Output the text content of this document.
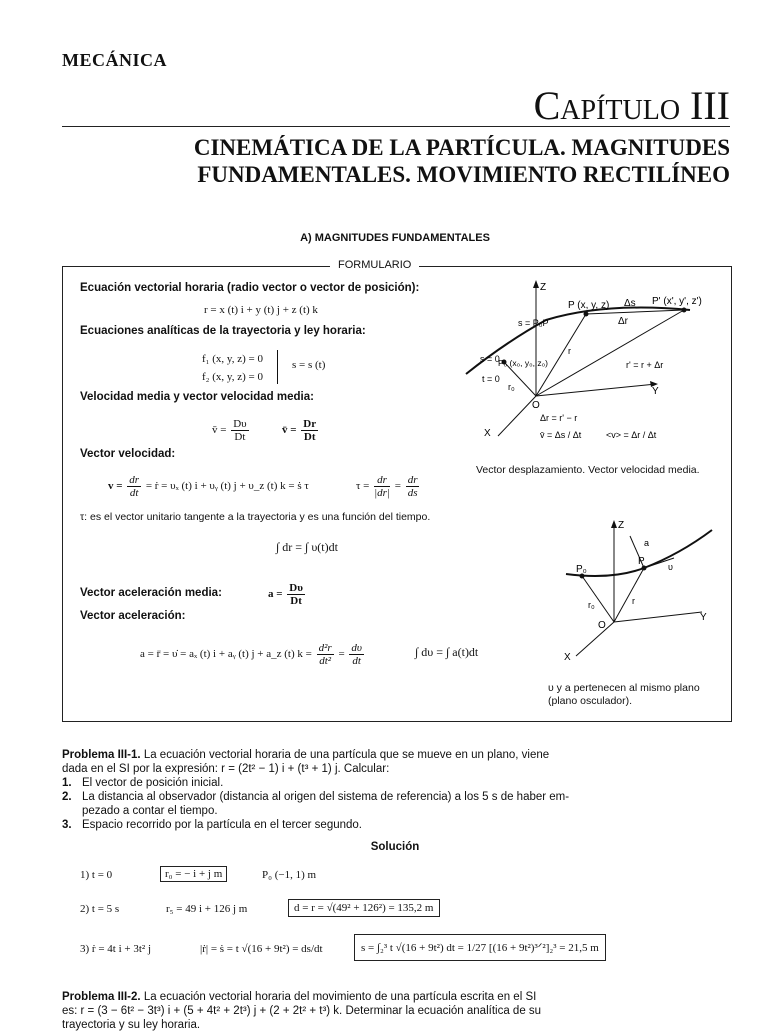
MECÁNICA
Capítulo III
CINEMÁTICA DE LA PARTÍCULA. MAGNITUDES
FUNDAMENTALES. MOVIMIENTO RECTILÍNEO
A) MAGNITUDES FUNDAMENTALES
FORMULARIO
Ecuación vectorial horaria (radio vector o vector de posición):
r = x (t) i + y (t) j + z (t) k
Ecuaciones analíticas de la trayectoria y ley horaria:
f₁ (x, y, z) = 0
f₂ (x, y, z) = 0
s = s (t)
Velocidad media y vector velocidad media:
v̄ = $\frac{D\upsilon}{Dt}$	v̄ = $\frac{Dr}{Dt}$
Vector velocidad:
$v = \frac{dr}{dt}$ = ṙ = υₓ (t) i + υᵧ (t) j + υ_z (t) k = ṡ τ	$\tau = \frac{dr}{|dr|} = \frac{dr}{ds}$
τ: es el vector unitario tangente a la trayectoria y es una función del tiempo.
∫ dr = ∫ υ(t)dt
Vector aceleración media:	$a = \frac{D\upsilon}{Dt}$
Vector aceleración:
a = r̈ = υ̇ = aₓ (t) i + aᵧ (t) j + a_z (t) $k = \frac{\text{d²r}}{\text{dt²}} = \frac{d\upsilon}{dt}$	∫ dυ = ∫ a(t)dt
Z
Y
X
O
P (x, y, z)	P' (x', y', z')
P₀ (x₀, y₀, z₀)
Δs
Δr
s = P₀P
t = 0
s = 0
r₀
r
r' = r + Δr
Δr = r' − r
v̄ = Δs / Δt	<v> = Δr / Δt
Vector desplazamiento. Vector velocidad media.
Z
Y
X
O
P₀
P
r₀	r
a
υ
υ y a pertenecen al mismo plano
(plano osculador).
Problema III-1. La ecuación vectorial horaria de una partícula que se mueve en un plano, viene
dada en el SI por la expresión: r = (2t² − 1) i + (t³ + 1) j. Calcular:
1. El vector de posición inicial.
2. La distancia al observador (distancia al origen del sistema de referencia) a los 5 s de haber em-
pezado a contar el tiempo.
3. Espacio recorrido por la partícula en el tercer segundo.
Solución
1) t = 0	r₀ = − i + j m	P₀ (−1, 1) m
2) t = 5 s	r₅ = 49 i + 126 j m	d = r = √(49² + 126²) = 135,2 m
3) ṙ = 4t i + 3t² j	|ṙ| = ṡ = t √(16 + 9t²) = ds/dt	s = ∫₂³ t √(16 + 9t²) dt = 1/27 [(16 + 9t²)³ᐟ²]₂³ = 21,5 m
Problema III-2. La ecuación vectorial horaria del movimiento de una partícula escrita en el SI
es: r = (3 − 6t² − 3t³) i + (5 + 4t² + 2t³) j + (2 + 2t² + t³) k. Determinar la ecuación analítica de su
trayectoria y su ley horaria.
